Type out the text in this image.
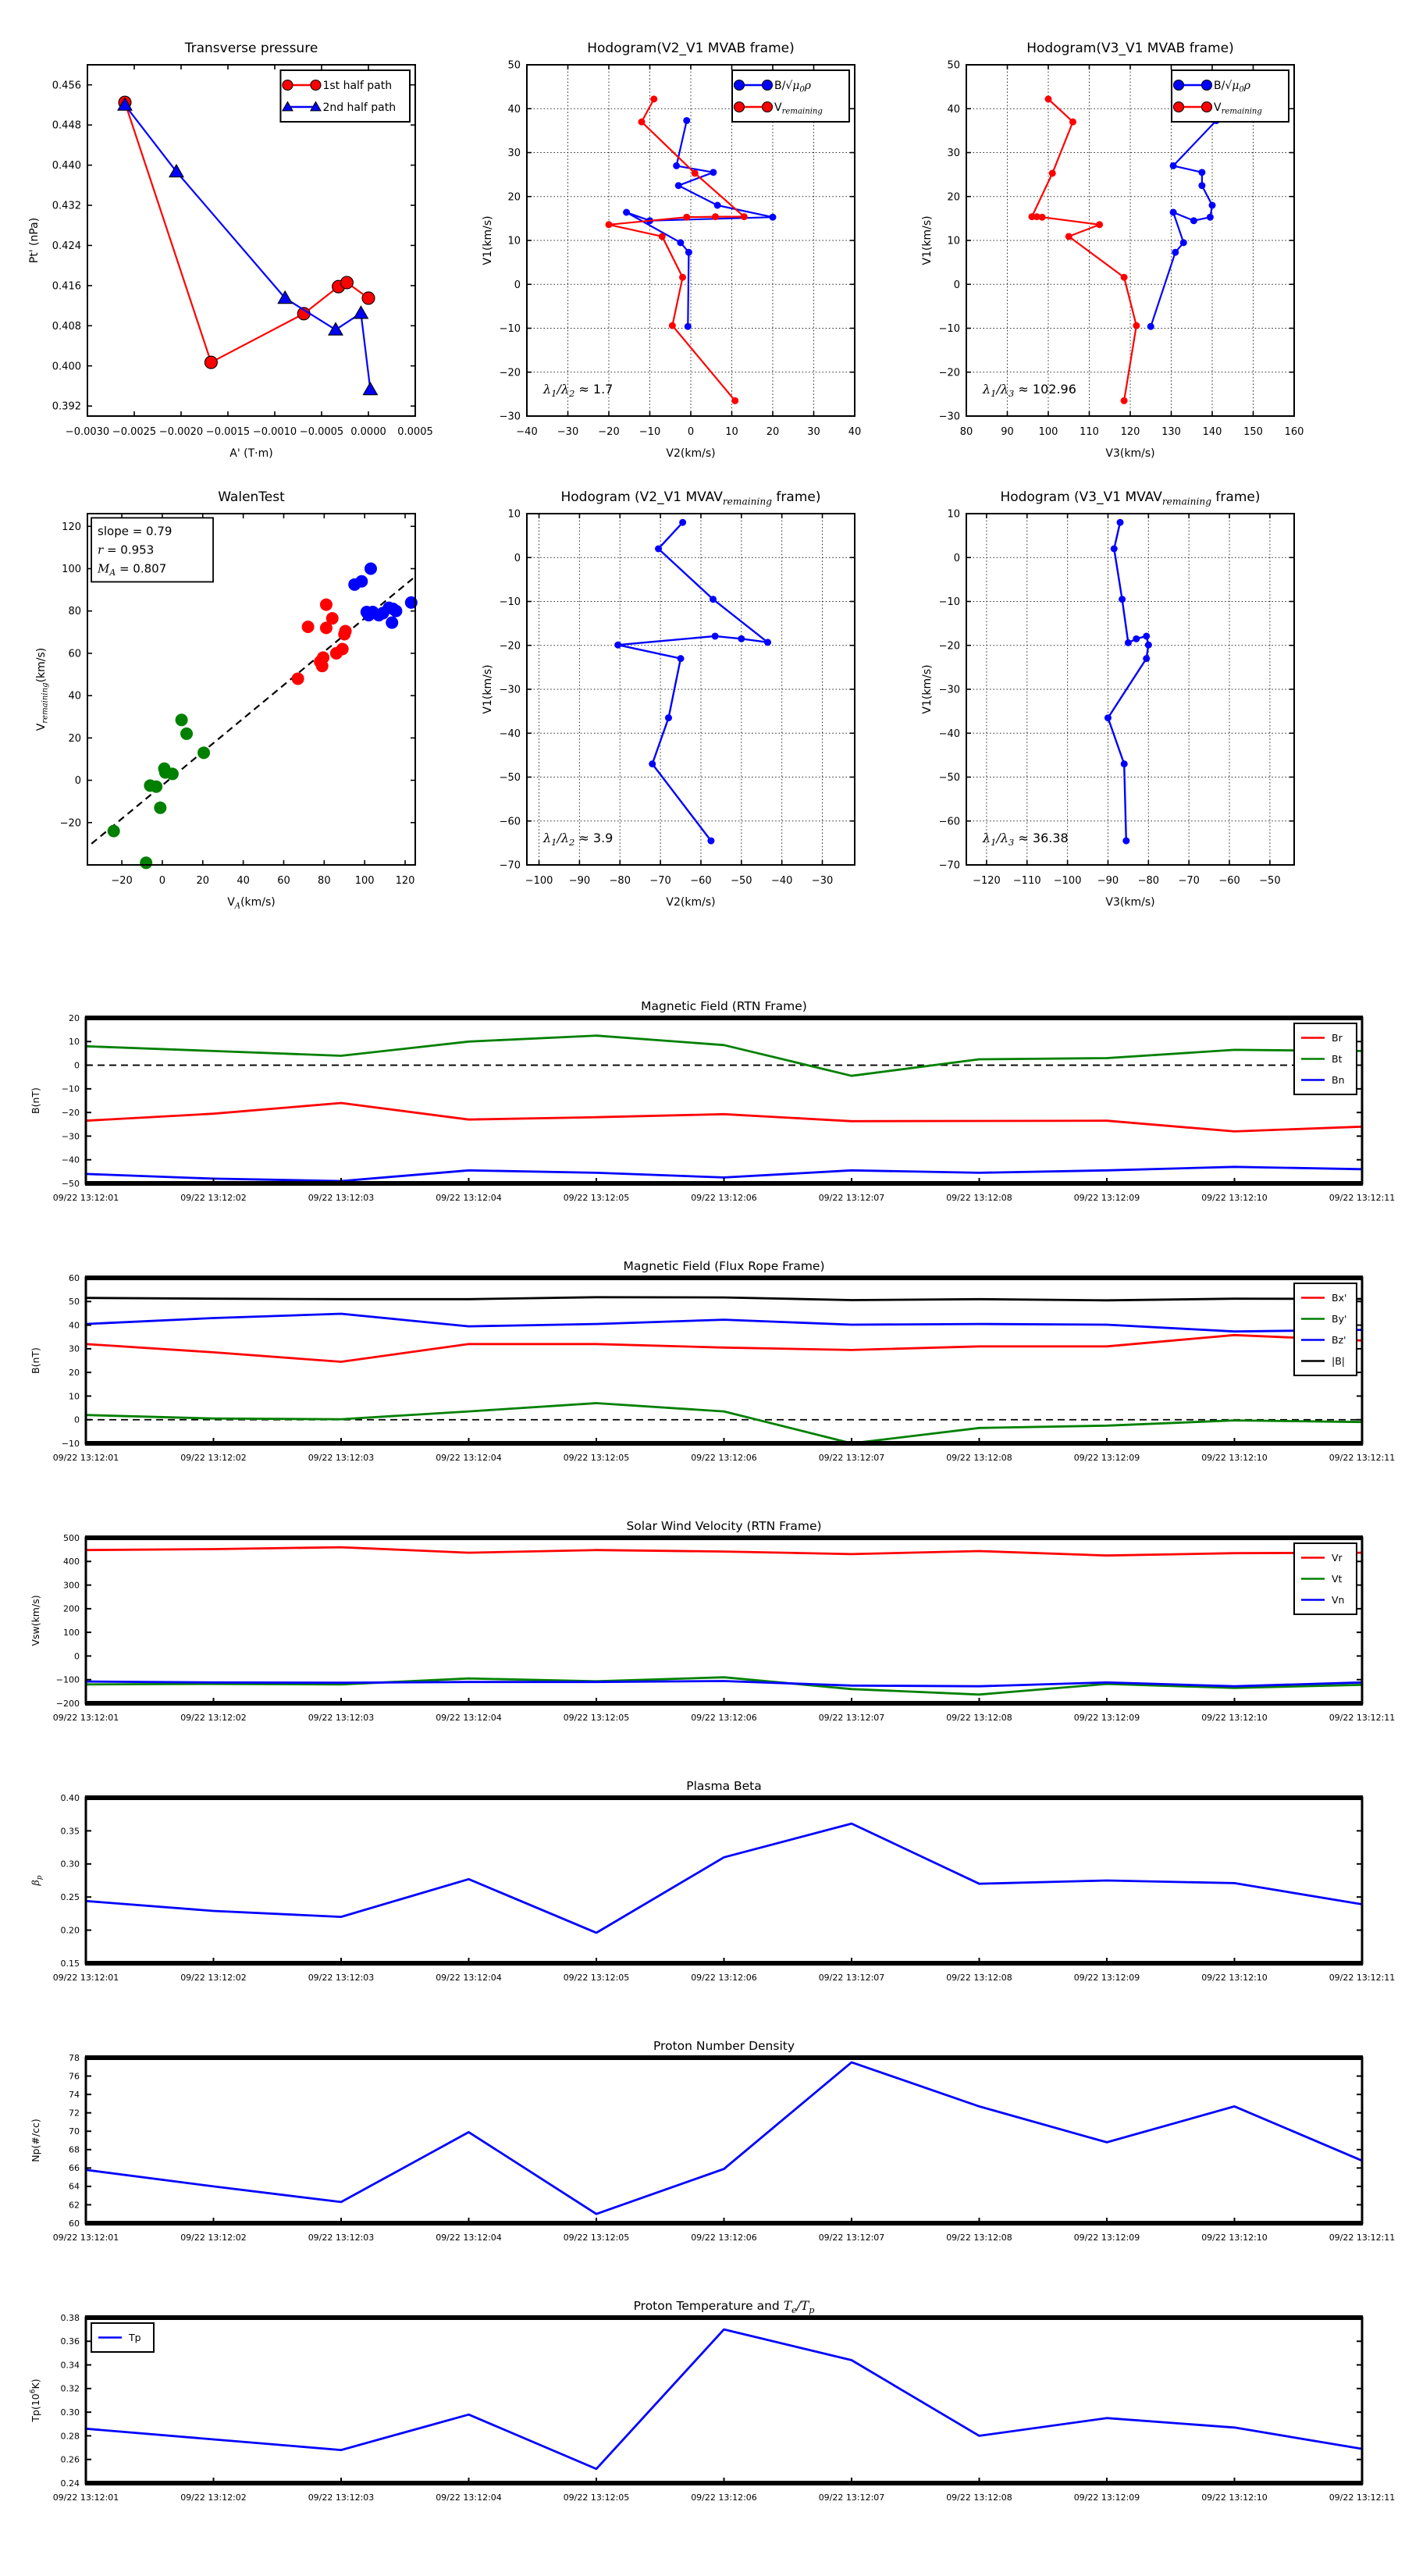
−0.0030 −0.0025 −0.0020 −0.0015 −0.0010 −0.0005 0.0000 0.0005
0.392
0.400
0.408
0.416
0.424
0.432
0.440
0.448
0.456
Transverse pressure
A' (T·m)
Pt' (nPa)
1st half path
2nd half path
−40 −30 −20 −10	0	10	20	30	40
−30
−20
−10
0
10
20
30
40
50
Hodogram(V2_V1 MVAB frame)
V2(km/s)
V1(km/s)
$B/√\mu_0\rho$
$V_{remaining}$
$\lambda_1/\lambda_2 \approx 1.7$
80	90 100 110 120 130 140 150 160
−30
−20
−10
0
10
20
30
40
50
Hodogram(V3_V1 MVAB frame)
V3(km/s)
V1(km/s)
$B/√\mu_0\rho$
$V_{remaining}$
$\lambda_1/\lambda_3 \approx 102.96$
−20	0	20	40	60	80 100 120
−20
0
20
40
60
80
100
120
WalenTest
$V_A(km/s)$
$V_{remaining}(km/s)$
slope = 0.79
r = 0.953
$M_A = 0.807$
−100 −90 −80 −70 −60 −50 −40 −30
−70
−60
−50
−40
−30
−20
−10
0
10
Hodogram (V2_V1 $MVAV_{remaining}$ frame)
V2(km/s)
V1(km/s)
$\lambda_1/\lambda_2 \approx 3.9$
−120 −110 −100 −90 −80 −70 −60 −50
−70
−60
−50
−40
−30
−20
−10
0
10
Hodogram (V3_V1 $MVAV_{remaining}$ frame)
V3(km/s)
V1(km/s)
$\lambda_1/\lambda_3 \approx 36.38$
09/22 13:12:01	09/22 13:12:02	09/22 13:12:03	09/22 13:12:04	09/22 13:12:05	09/22 13:12:06	09/22 13:12:07	09/22 13:12:08	09/22 13:12:09	09/22 13:12:10	09/22 13:12:11
−50
−40
−30
−20
−10
0
10
20
Magnetic Field (RTN Frame)
B(nT)
Br
Bt
Bn
09/22 13:12:01	09/22 13:12:02	09/22 13:12:03	09/22 13:12:04	09/22 13:12:05	09/22 13:12:06	09/22 13:12:07	09/22 13:12:08	09/22 13:12:09	09/22 13:12:10	09/22 13:12:11
−10
0
10
20
30
40
50
60
Magnetic Field (Flux Rope Frame)
B(nT)
Bx'
By'
Bz'
|B|
09/22 13:12:01	09/22 13:12:02	09/22 13:12:03	09/22 13:12:04	09/22 13:12:05	09/22 13:12:06	09/22 13:12:07	09/22 13:12:08	09/22 13:12:09	09/22 13:12:10	09/22 13:12:11
−200
−100
0
100
200
300
400
500
Solar Wind Velocity (RTN Frame)
Vsw(km/s)
Vr
Vt
Vn
09/22 13:12:01	09/22 13:12:02	09/22 13:12:03	09/22 13:12:04	09/22 13:12:05	09/22 13:12:06	09/22 13:12:07	09/22 13:12:08	09/22 13:12:09	09/22 13:12:10	09/22 13:12:11
0.15
0.20
0.25
0.30
0.35
0.40
Plasma Beta
$\beta_p$
09/22 13:12:01	09/22 13:12:02	09/22 13:12:03	09/22 13:12:04	09/22 13:12:05	09/22 13:12:06	09/22 13:12:07	09/22 13:12:08	09/22 13:12:09	09/22 13:12:10	09/22 13:12:11
60
62
64
66
68
70
72
74
76
78
Proton Number Density
Np(#/cc)
09/22 13:12:01	09/22 13:12:02	09/22 13:12:03	09/22 13:12:04	09/22 13:12:05	09/22 13:12:06	09/22 13:12:07	09/22 13:12:08	09/22 13:12:09	09/22 13:12:10	09/22 13:12:11
0.24
0.26
0.28
0.30
0.32
0.34
0.36
0.38
Proton Temperature and $T_e/T_p$
$Tp(10^6K)$
Tp
